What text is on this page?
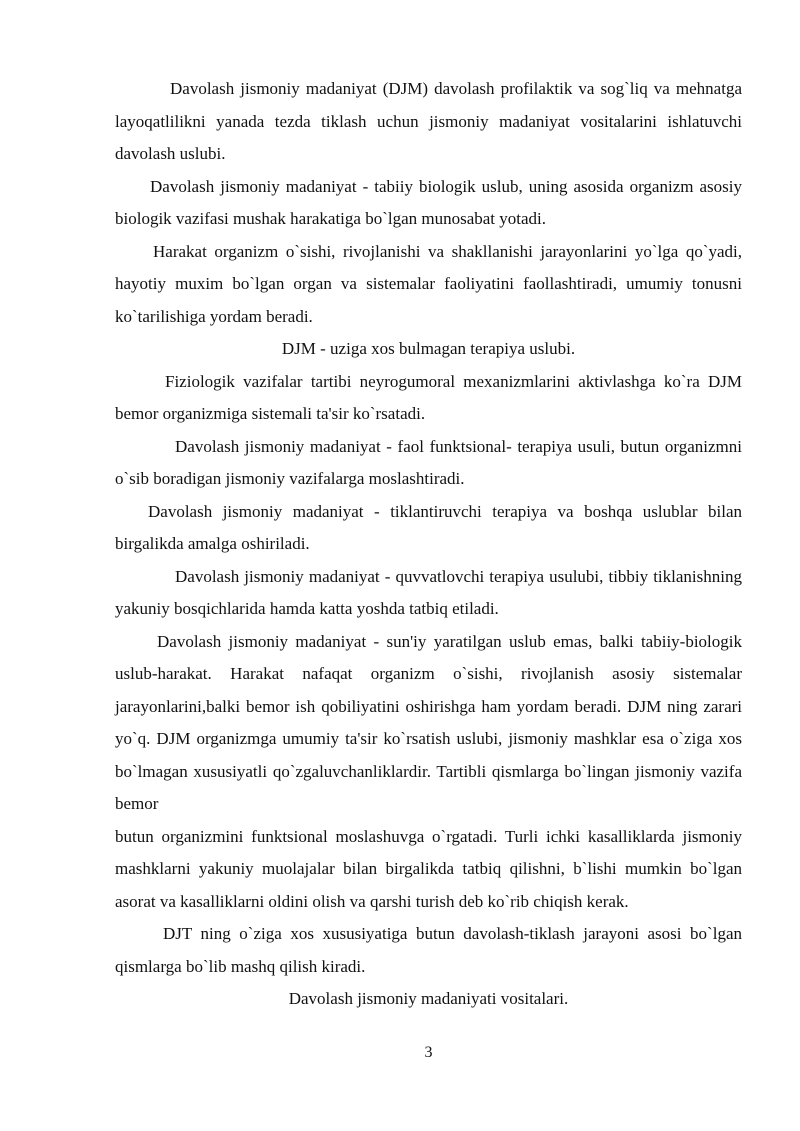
Davolash jismoniy madaniyat (DJM) davolash profilaktik va sog`liq va mehnatga layoqatlilikni yanada tezda tiklash uchun jismoniy madaniyat vositalarini ishlatuvchi davolash uslubi.

Davolash jismoniy madaniyat - tabiiy biologik uslub, uning asosida organizm asosiy biologik vazifasi mushak harakatiga bo`lgan munosabat yotadi.

Harakat organizm o`sishi, rivojlanishi va shakllanishi jarayonlarini yo`lga qo`yadi, hayotiy muxim bo`lgan organ va sistemalar faoliyatini faollashtiradi, umumiy tonusni ko`tarilishiga yordam beradi.

DJM - uziga xos bulmagan terapiya uslubi.

Fiziologik vazifalar tartibi neyrogumoral mexanizmlarini aktivlashga ko`ra DJM bemor organizmiga sistemali ta'sir ko`rsatadi.

Davolash jismoniy madaniyat - faol funktsional- terapiya usuli, butun organizmni o`sib boradigan jismoniy vazifalarga moslashtiradi.

Davolash jismoniy madaniyat - tiklantiruvchi terapiya va boshqa uslublar bilan birgalikda amalga oshiriladi.

Davolash jismoniy madaniyat - quvvatlovchi terapiya usulubi, tibbiy tiklanishning yakuniy bosqichlarida hamda katta yoshda tatbiq etiladi.

Davolash jismoniy madaniyat - sun'iy yaratilgan uslub emas, balki tabiiy-biologik uslub-harakat. Harakat nafaqat organizm o`sishi, rivojlanish asosiy sistemalar jarayonlarini,balki bemor ish qobiliyatini oshirishga ham yordam beradi. DJM ning zarari yo`q. DJM organizmga umumiy ta'sir ko`rsatish uslubi, jismoniy mashklar esa o`ziga xos bo`lmagan xususiyatli qo`zgaluvchanliklardir. Tartibli qismlarga bo`lingan jismoniy vazifa bemor

butun organizmini funktsional moslashuvga o`rgatadi. Turli ichki kasalliklarda jismoniy mashklarni yakuniy muolajalar bilan birgalikda tatbiq qilishni, b`lishi mumkin bo`lgan asorat va kasalliklarni oldini olish va qarshi turish deb ko`rib chiqish kerak.

DJT ning o`ziga xos xususiyatiga butun davolash-tiklash jarayoni asosi bo`lgan qismlarga bo`lib mashq qilish kiradi.

Davolash jismoniy madaniyati vositalari.

3
